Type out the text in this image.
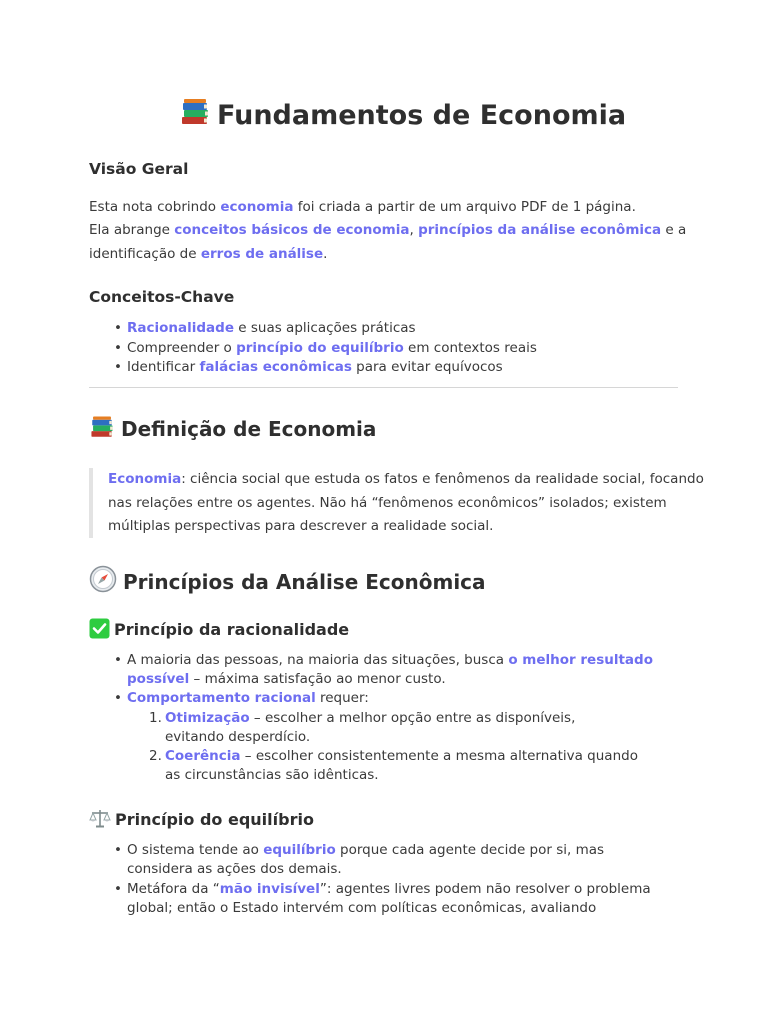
Fundamentos de Economia
Visão Geral
Esta nota cobrindo economia foi criada a partir de um arquivo PDF de 1 página.
Ela abrange conceitos básicos de economia, princípios da análise econômica e a
identificação de erros de análise.
Conceitos-Chave
• Racionalidade e suas aplicações práticas
• Compreender o princípio do equilíbrio em contextos reais
• Identificar falácias econômicas para evitar equívocos
Definição de Economia
Economia: ciência social que estuda os fatos e fenômenos da realidade social, focando
nas relações entre os agentes. Não há “fenômenos econômicos” isolados; existem
múltiplas perspectivas para descrever a realidade social.
Princípios da Análise Econômica
Princípio da racionalidade
• A maioria das pessoas, na maioria das situações, busca o melhor resultado
possível – máxima satisfação ao menor custo.
• Comportamento racional requer:
1. Otimização – escolher a melhor opção entre as disponíveis,
evitando desperdício.
2. Coerência – escolher consistentemente a mesma alternativa quando
as circunstâncias são idênticas.
Princípio do equilíbrio
• O sistema tende ao equilíbrio porque cada agente decide por si, mas
considera as ações dos demais.
• Metáfora da “mão invisível”: agentes livres podem não resolver o problema
global; então o Estado intervém com políticas econômicas, avaliando
